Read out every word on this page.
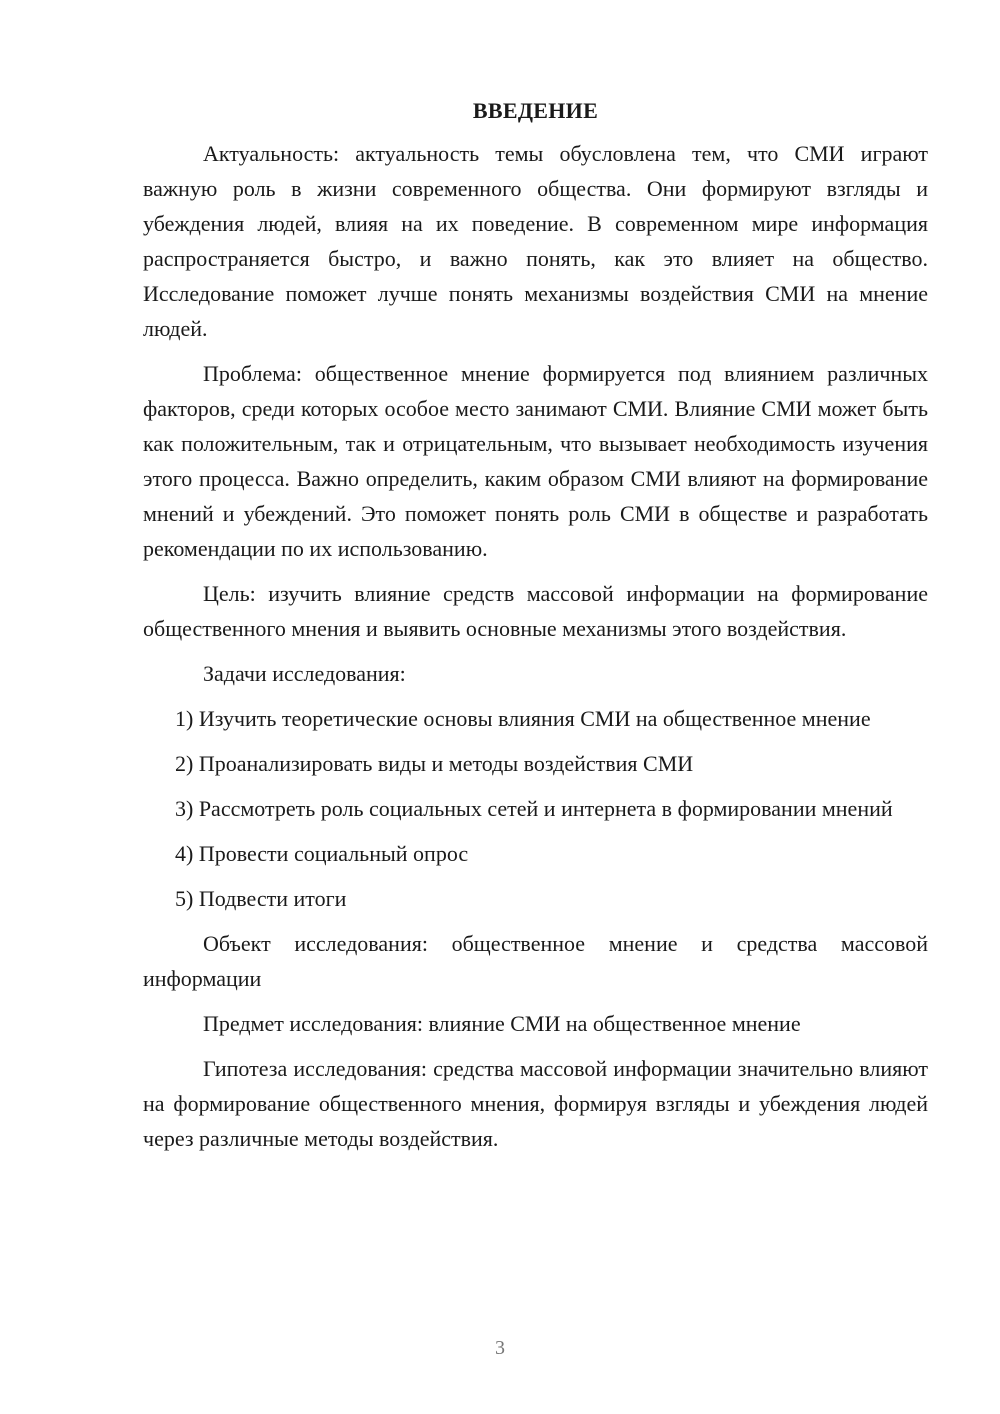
ВВЕДЕНИЕ

Актуальность: актуальность темы обусловлена тем, что СМИ играют важную роль в жизни современного общества. Они формируют взгляды и убеждения людей, влияя на их поведение. В современном мире информация распространяется быстро, и важно понять, как это влияет на общество. Исследование поможет лучше понять механизмы воздействия СМИ на мнение людей.

Проблема: общественное мнение формируется под влиянием различных факторов, среди которых особое место занимают СМИ. Влияние СМИ может быть как положительным, так и отрицательным, что вызывает необходимость изучения этого процесса. Важно определить, каким образом СМИ влияют на формирование мнений и убеждений. Это поможет понять роль СМИ в обществе и разработать рекомендации по их использованию.

Цель: изучить влияние средств массовой информации на формирование общественного мнения и выявить основные механизмы этого воздействия.

Задачи исследования:

1) Изучить теоретические основы влияния СМИ на общественное мнение

2) Проанализировать виды и методы воздействия СМИ

3) Рассмотреть роль социальных сетей и интернета в формировании мнений

4) Провести социальный опрос

5) Подвести итоги

Объект исследования: общественное мнение и средства массовой информации

Предмет исследования: влияние СМИ на общественное мнение

Гипотеза исследования: средства массовой информации значительно влияют на формирование общественного мнения, формируя взгляды и убеждения людей через различные методы воздействия.

3
